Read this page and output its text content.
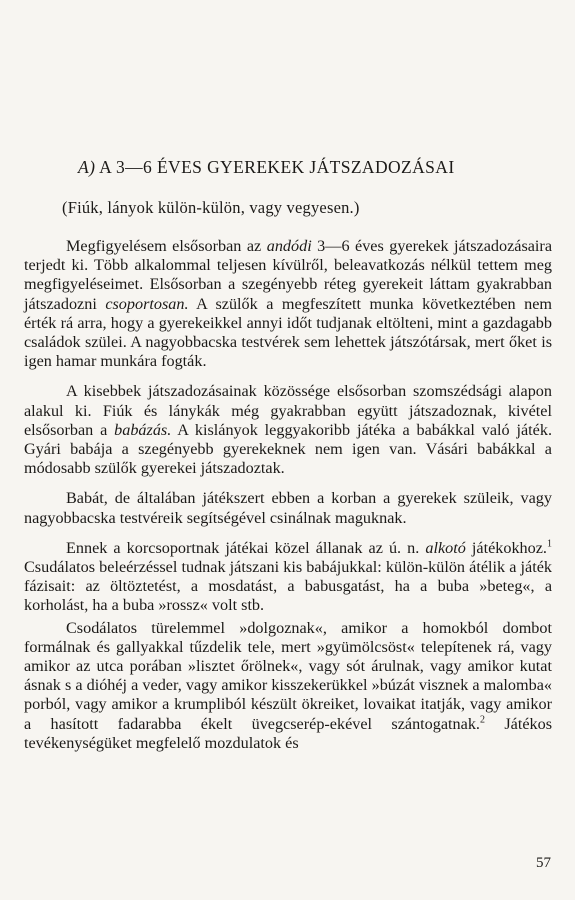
A) A 3—6 ÉVES GYEREKEK JÁTSZADOZÁSAI
(Fiúk, lányok külön-külön, vagy vegyesen.)

Megfigyelésem elsősorban az andódi 3—6 éves gyerekek játszadozásaira terjedt ki. Több alkalommal teljesen kívülről, beleavatkozás nélkül tettem meg megfigyeléseimet. Elsősorban a szegényebb réteg gyerekeit láttam gyakrabban játszadozni csoportosan. A szülők a megfeszített munka következtében nem érték rá arra, hogy a gyerekeikkel annyi időt tudjanak eltölteni, mint a gazdagabb családok szülei. A nagyobbacska testvérek sem lehettek játszótársak, mert őket is igen hamar munkára fogták.

A kisebbek játszadozásainak közössége elsősorban szomszédsági alapon alakul ki. Fiúk és lánykák még gyakrabban együtt játszadoznak, kivétel elsősorban a babázás. A kislányok leggyakoribb játéka a babákkal való játék. Gyári babája a szegényebb gyerekeknek nem igen van. Vásári babákkal a módosabb szülők gyerekei játszadoztak.

Babát, de általában játékszert ebben a korban a gyerekek szüleik, vagy nagyobbacska testvéreik segítségével csinálnak maguknak.

Ennek a korcsoportnak játékai közel állanak az ú. n. alkotó játékokhoz.$^1$ Csudálatos beleérzéssel tudnak játszani kis babájukkal: külön-külön átélik a játék fázisait: az öltöztetést, a mosdatást, a babusgatást, ha a buba »beteg«, a korholást, ha a buba »rossz« volt stb.

Csodálatos türelemmel »dolgoznak«, amikor a homokból dombot formálnak és gallyakkal tűzdelik tele, mert »gyümölcsöst« telepítenek rá, vagy amikor az utca porában »lisztet őrölnek«, vagy sót árulnak, vagy amikor kutat ásnak s a dióhéj a veder, vagy amikor kisszekerükkel »búzát visznek a malomba« porból, vagy amikor a krumpliból készült ökreiket, lovaikat itatják, vagy amikor a hasított fadarabba ékelt üvegcserép-ekével szántogatnak.$^2$ Játékos tevékenységüket megfelelő mozdulatok és

57
